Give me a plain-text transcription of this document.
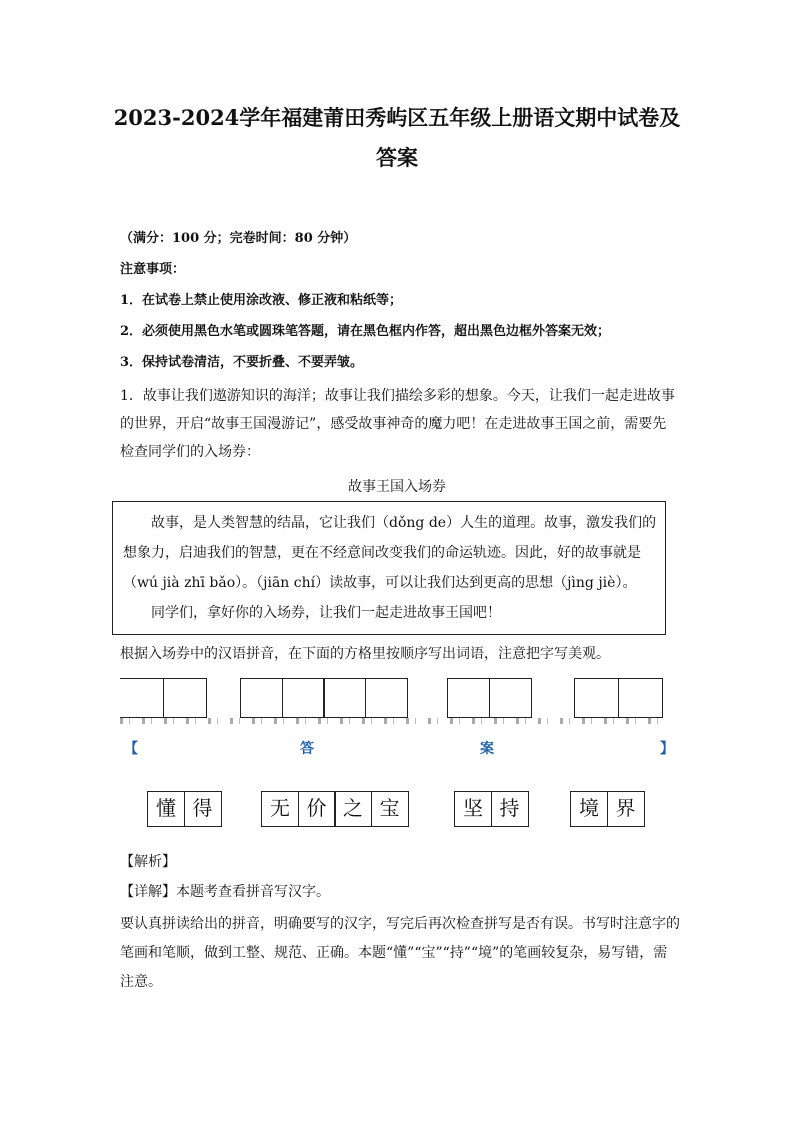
2023-2024学年福建莆田秀屿区五年级上册语文期中试卷及
答案
（满分：100 分；完卷时间：80 分钟）
注意事项：
1．在试卷上禁止使用涂改液、修正液和粘纸等；
2．必须使用黑色水笔或圆珠笔答题，请在黑色框内作答，超出黑色边框外答案无效；
3．保持试卷清洁，不要折叠、不要弄皱。
1．故事让我们遨游知识的海洋；故事让我们描绘多彩的想象。今天，让我们一起走进故事的世界，开启“故事王国漫游记”，感受故事神奇的魔力吧！在走进故事王国之前，需要先检查同学们的入场券：
故事王国入场券

故事，是人类智慧的结晶，它让我们（dǒng de）人生的道理。故事，激发我们的想象力，启迪我们的智慧，更在不经意间改变我们的命运轨迹。因此，好的故事就是（wú jià zhī bǎo）。（jiān chí）读故事，可以让我们达到更高的思想（jìng jiè）。

同学们，拿好你的入场券，让我们一起走进故事王国吧！

根据入场券中的汉语拼音，在下面的方格里按顺序写出词语，注意把字写美观。
【	答	案	】
懂 得	无 价 之 宝	坚 持	境 界
【解析】
【详解】本题考查看拼音写汉字。
要认真拼读给出的拼音，明确要写的汉字，写完后再次检查拼写是否有误。书写时注意字的笔画和笔顺，做到工整、规范、正确。本题“懂”“宝”“持”“境”的笔画较复杂，易写错，需注意。
